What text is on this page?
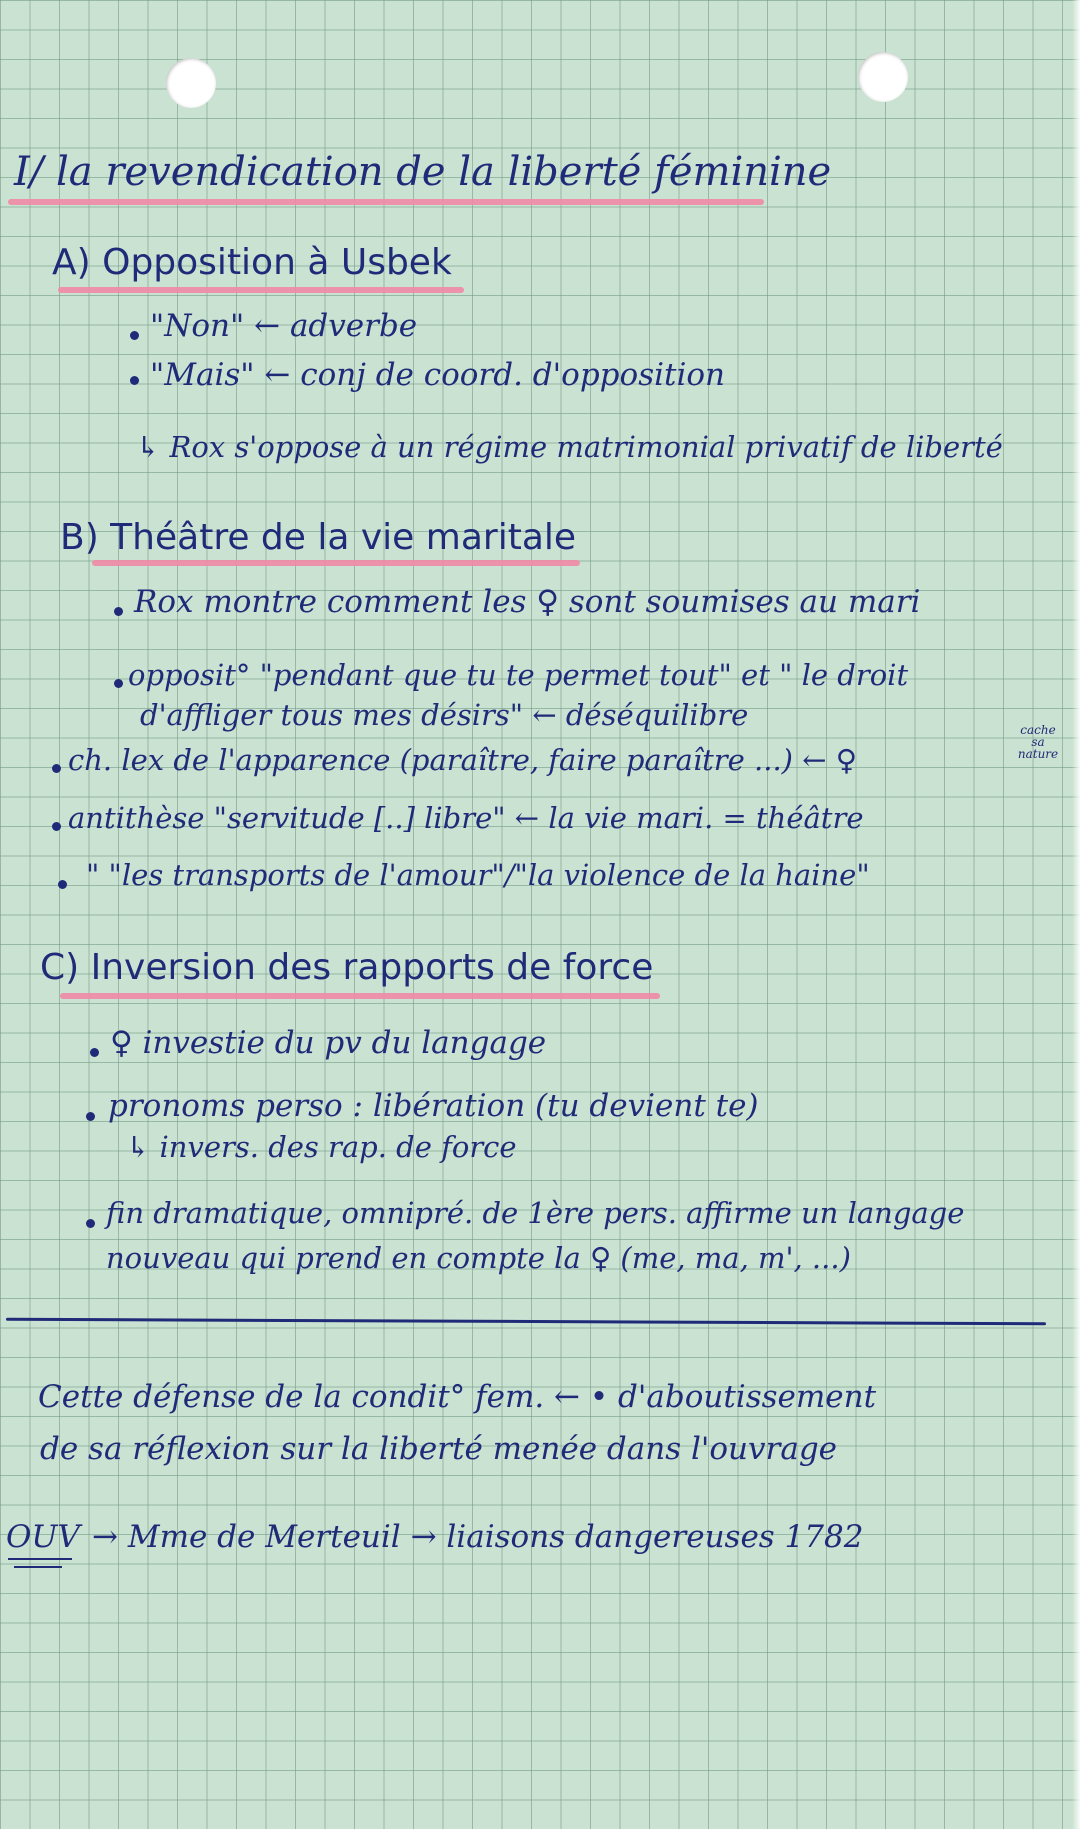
I/ la revendication de la liberté féminine
A) Opposition à Usbek
"Non" ← adverbe
"Mais" ← conj de coord. d'opposition
↳ Rox s'oppose à un régime matrimonial privatif de liberté
B) Théâtre de la vie maritale
Rox montre comment les ♀ sont soumises au mari
opposit° "pendant que tu te permet tout" et " le droit
d'affliger tous mes désirs" ← déséquilibre
ch. lex de l'apparence (paraître, faire paraître ...) ← ♀
cache
sa
nature
antithèse "servitude [..] libre" ← la vie mari. = théâtre
" "les transports de l'amour"/"la violence de la haine"
C) Inversion des rapports de force
♀ investie du pv du langage
pronoms perso : libération (tu devient te)
↳ invers. des rap. de force
fin dramatique, omnipré. de 1ère pers. affirme un langage
nouveau qui prend en compte la ♀ (me, ma, m', ...)
Cette défense de la condit° fem. ← • d'aboutissement
de sa réflexion sur la liberté menée dans l'ouvrage
OUV → Mme de Merteuil → liaisons dangereuses 1782
